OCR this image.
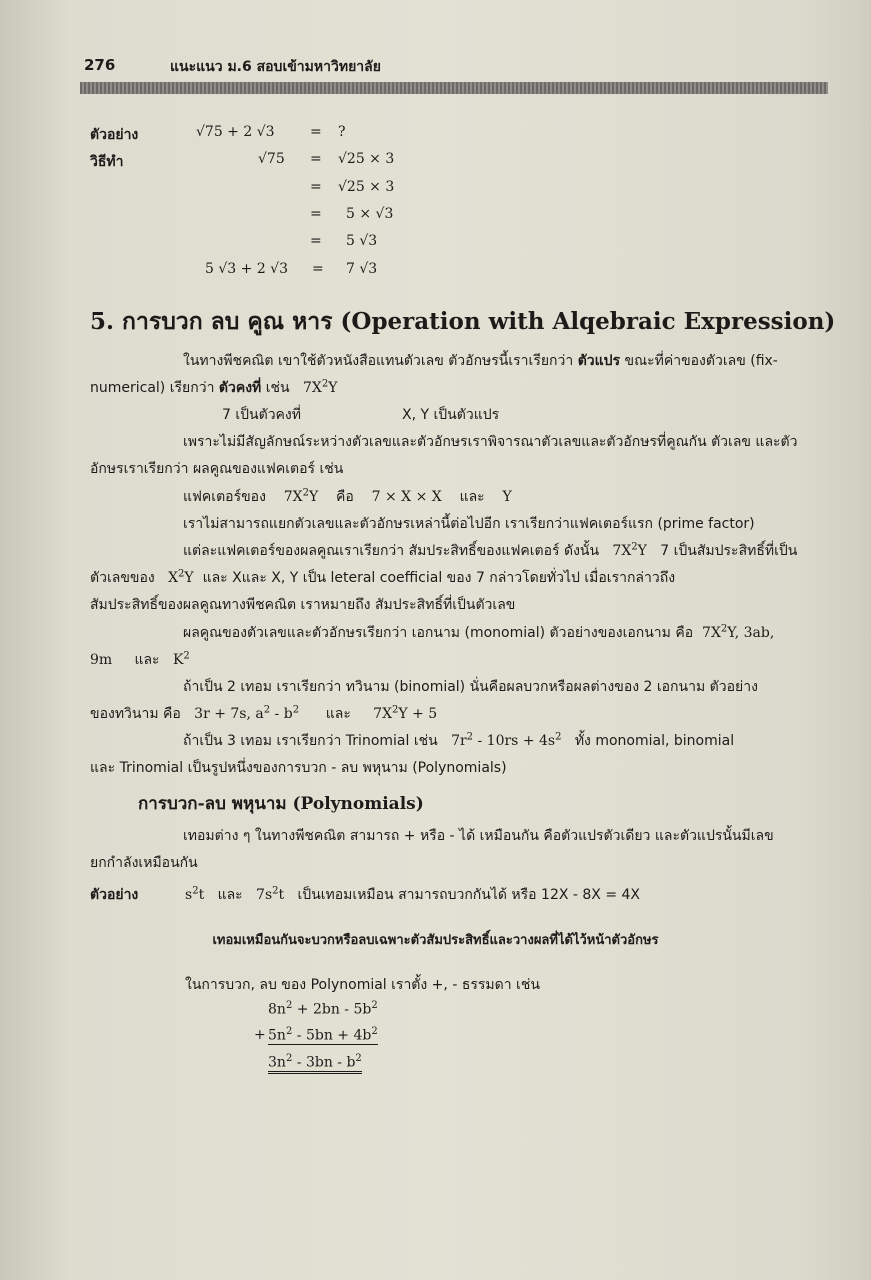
276	แนะแนว ม.6 สอบเข้ามหาวิทยาลัย
ตัวอย่าง	√75 + 2 √3	= ?
วิธีทำ	√75 = √25 × 3
= √25 × 3
= 5 × √3
= 5 √3
5 √3 + 2 √3 = 7 √3
5. การบวก ลบ คูณ หาร (Operation with Alqebraic Expression)
ในทางพีชคณิต เขาใช้ตัวหนังสือแทนตัวเลข ตัวอักษรนี้เราเรียกว่า ตัวแปร ขณะที่ค่าของตัวเลข (fix-
numerical) เรียกว่า ตัวคงที่ เช่น $7X^2Y$
7 เป็นตัวคงที่	X, Y เป็นตัวแปร
เพราะไม่มีสัญลักษณ์ระหว่างตัวเลขและตัวอักษรเราพิจารณาตัวเลขและตัวอักษรที่คูณกัน ตัวเลข และตัว
อักษรเราเรียกว่า ผลคูณของแฟคเตอร์ เช่น
แฟคเตอร์ของ $7X^2Y$ คือ 7 × X × X และ Y
เราไม่สามารถแยกตัวเลขและตัวอักษรเหล่านี้ต่อไปอีก เราเรียกว่าแฟคเตอร์แรก (prime factor)
แต่ละแฟคเตอร์ของผลคูณเราเรียกว่า สัมประสิทธิ์ของแฟคเตอร์ ดังนั้น $7X^2Y$ 7 เป็นสัมประสิทธิ์ที่เป็น
ตัวเลขของ $X^2Y$ และ Xและ X, Y เป็น leteral coefficial ของ 7 กล่าวโดยทั่วไป เมื่อเรากล่าวถึง
สัมประสิทธิ์ของผลคูณทางพีชคณิต เราหมายถึง สัมประสิทธิ์ที่เป็นตัวเลข
ผลคูณของตัวเลขและตัวอักษรเรียกว่า เอกนาม (monomial) ตัวอย่างของเอกนาม คือ $7X^2Y$, 3ab,
9m และ $K^2$
ถ้าเป็น 2 เทอม เราเรียกว่า ทวินาม (binomial) นั่นคือผลบวกหรือผลต่างของ 2 เอกนาม ตัวอย่าง
ของทวินาม คือ 3r + 7s, $a^2 - b^2$ และ $7X^2Y + 5$
ถ้าเป็น 3 เทอม เราเรียกว่า Trinomial เช่น $7r^2 - 10rs + 4s^2$ ทั้ง monomial, binomial
และ Trinomial เป็นรูปหนึ่งของการบวก - ลบ พหุนาม (Polynomials)
การบวก-ลบ พหุนาม (Polynomials)
เทอมต่าง ๆ ในทางพีชคณิต สามารถ + หรือ - ได้ เหมือนกัน คือตัวแปรตัวเดียว และตัวแปรนั้นมีเลข
ยกกำลังเหมือนกัน
ตัวอย่าง	$s^2t$ และ $7s^2t$ เป็นเทอมเหมือน สามารถบวกกันได้ หรือ 12X - 8X = 4X
เทอมเหมือนกันจะบวกหรือลบเฉพาะตัวสัมประสิทธิ์และวางผลที่ได้ไว้หน้าตัวอักษร
ในการบวก, ลบ ของ Polynomial เราตั้ง +, - ธรรมดา เช่น
$8n^2 + 2bn - 5b^2$
+ $5n^2 - 5bn + 4b^2$
$3n^2 - 3bn - b^2$
